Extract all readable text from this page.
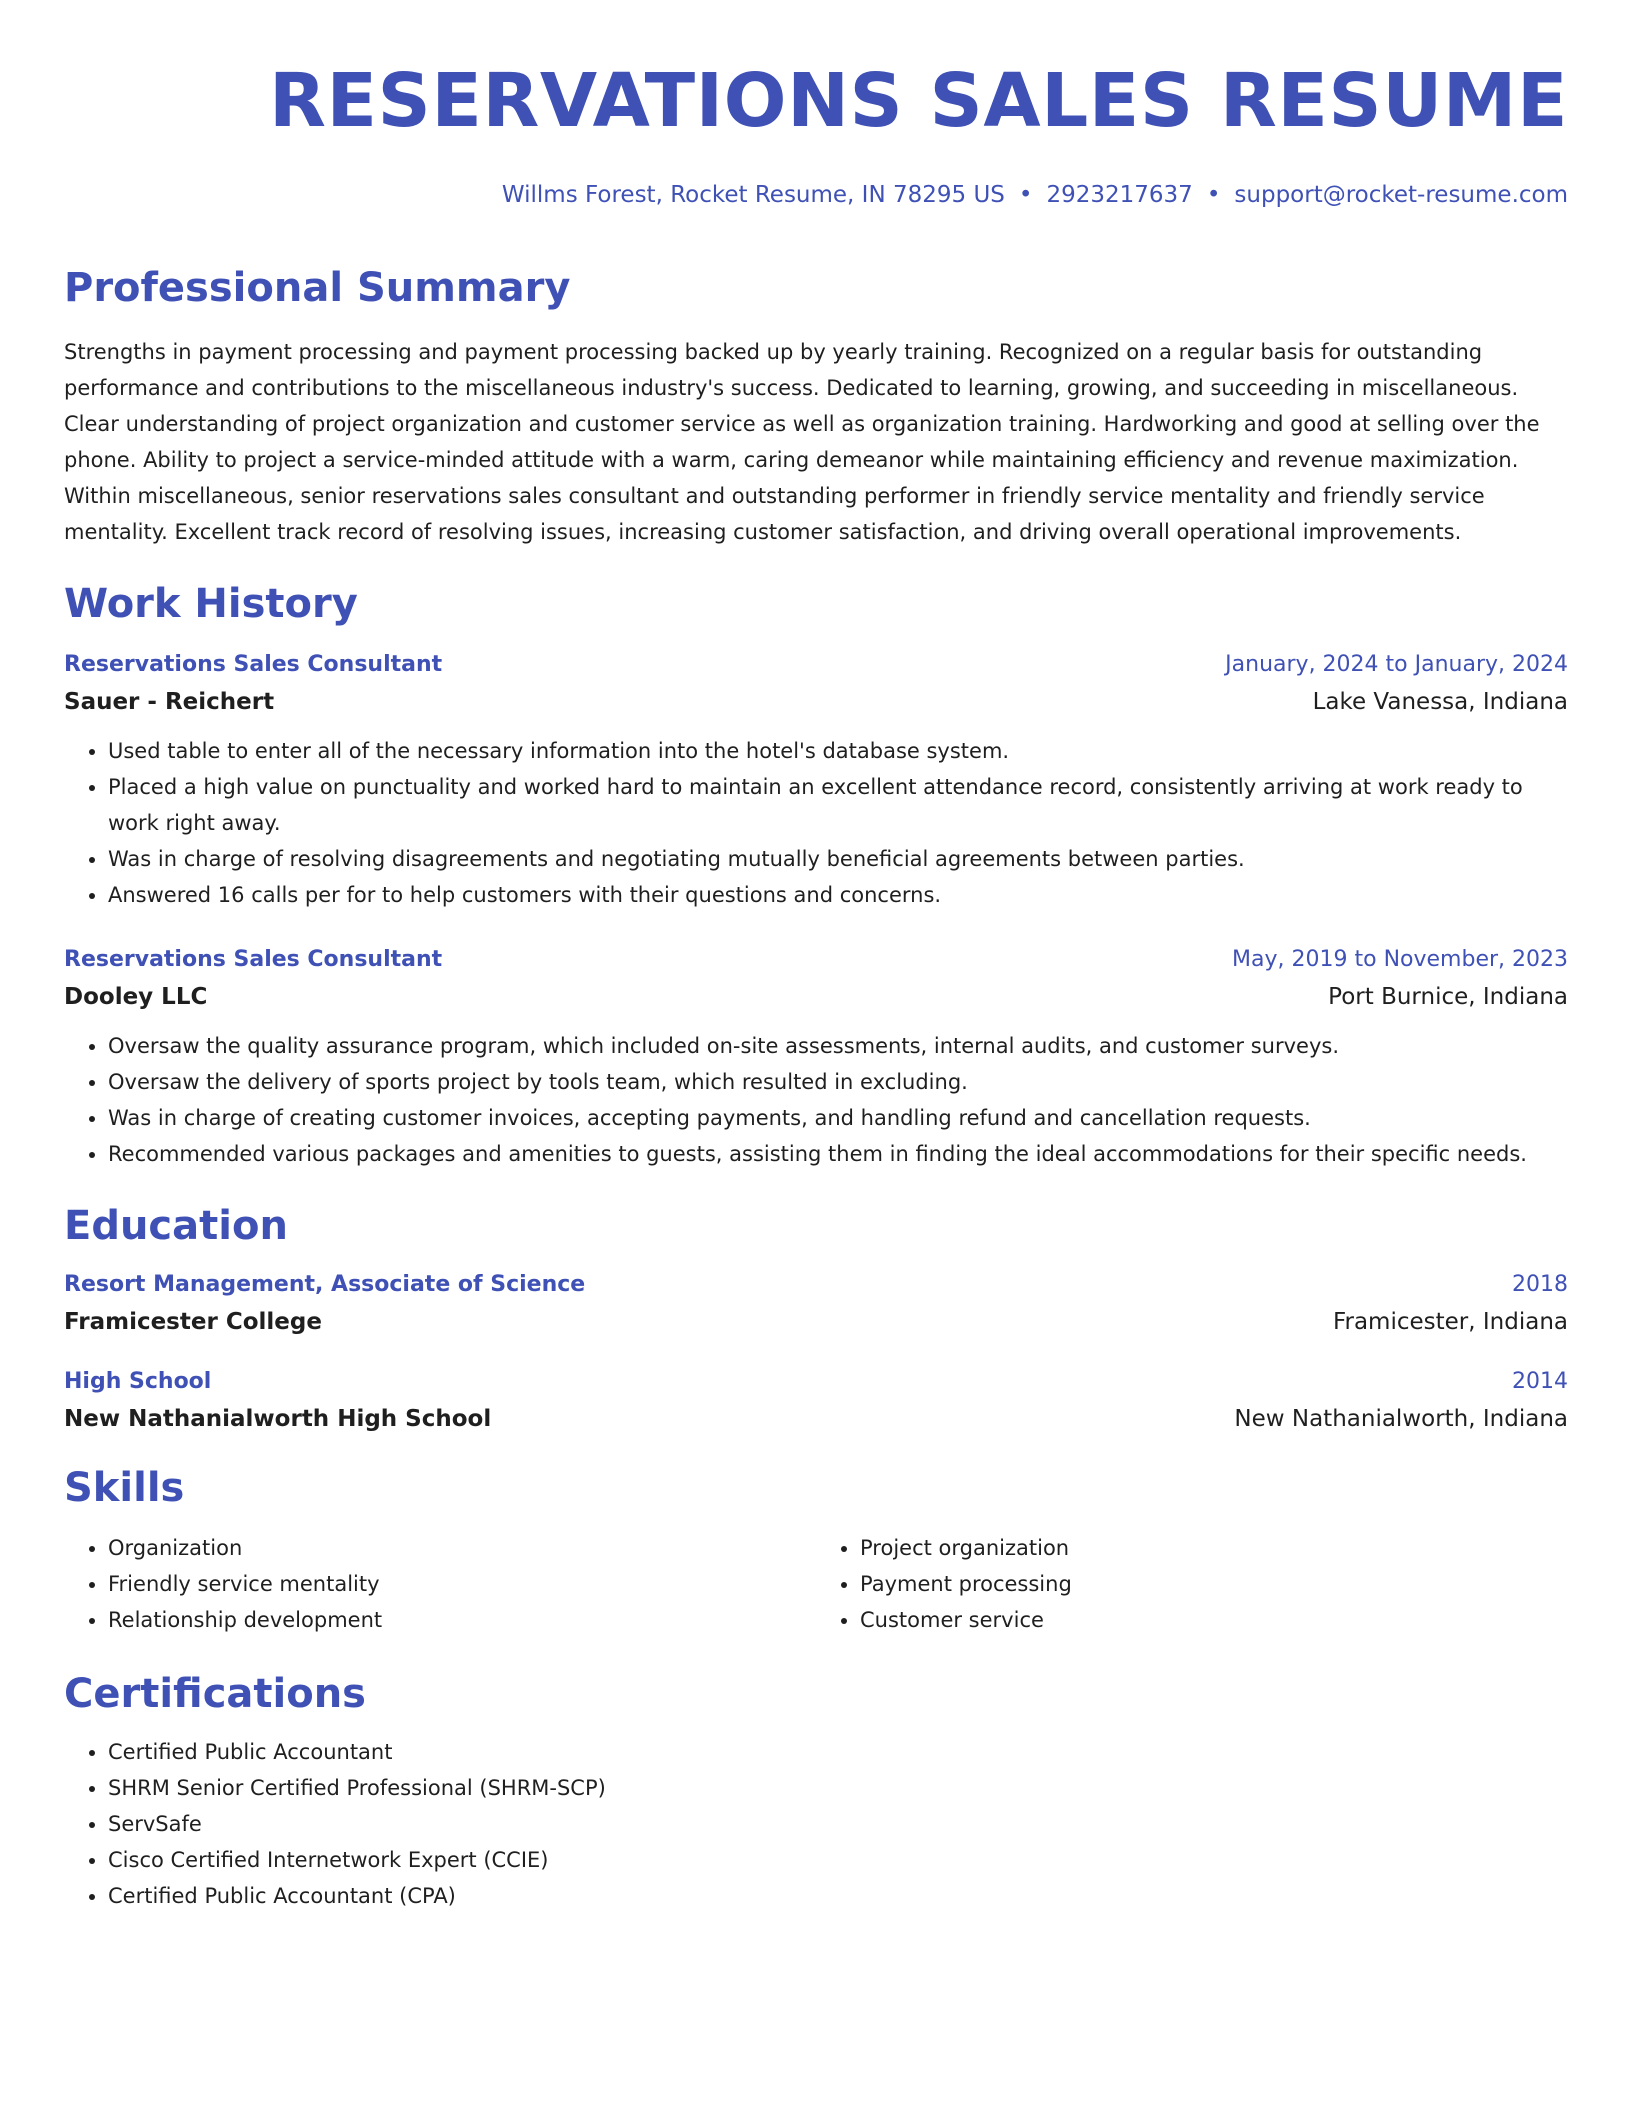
RESERVATIONS SALES RESUME
Willms Forest, Rocket Resume, IN 78295 US • 2923217637 • support@rocket-resume.com
Professional Summary
Strengths in payment processing and payment processing backed up by yearly training. Recognized on a regular basis for outstanding performance and contributions to the miscellaneous industry's success. Dedicated to learning, growing, and succeeding in miscellaneous. Clear understanding of project organization and customer service as well as organization training. Hardworking and good at selling over the phone. Ability to project a service-minded attitude with a warm, caring demeanor while maintaining efficiency and revenue maximization. Within miscellaneous, senior reservations sales consultant and outstanding performer in friendly service mentality and friendly service mentality. Excellent track record of resolving issues, increasing customer satisfaction, and driving overall operational improvements.
Work History
Reservations Sales Consultant	January, 2024 to January, 2024
Sauer - Reichert	Lake Vanessa, Indiana
• Used table to enter all of the necessary information into the hotel's database system.
• Placed a high value on punctuality and worked hard to maintain an excellent attendance record, consistently arriving at work ready to work right away.
• Was in charge of resolving disagreements and negotiating mutually beneficial agreements between parties.
• Answered 16 calls per for to help customers with their questions and concerns.
Reservations Sales Consultant	May, 2019 to November, 2023
Dooley LLC	Port Burnice, Indiana
• Oversaw the quality assurance program, which included on-site assessments, internal audits, and customer surveys.
• Oversaw the delivery of sports project by tools team, which resulted in excluding.
• Was in charge of creating customer invoices, accepting payments, and handling refund and cancellation requests.
• Recommended various packages and amenities to guests, assisting them in finding the ideal accommodations for their specific needs.
Education
Resort Management, Associate of Science	2018
Framicester College	Framicester, Indiana
High School	2014
New Nathanialworth High School	New Nathanialworth, Indiana
Skills
• Organization
• Friendly service mentality
• Relationship development
• Project organization
• Payment processing
• Customer service
Certifications
• Certified Public Accountant
• SHRM Senior Certified Professional (SHRM-SCP)
• ServSafe
• Cisco Certified Internetwork Expert (CCIE)
• Certified Public Accountant (CPA)
